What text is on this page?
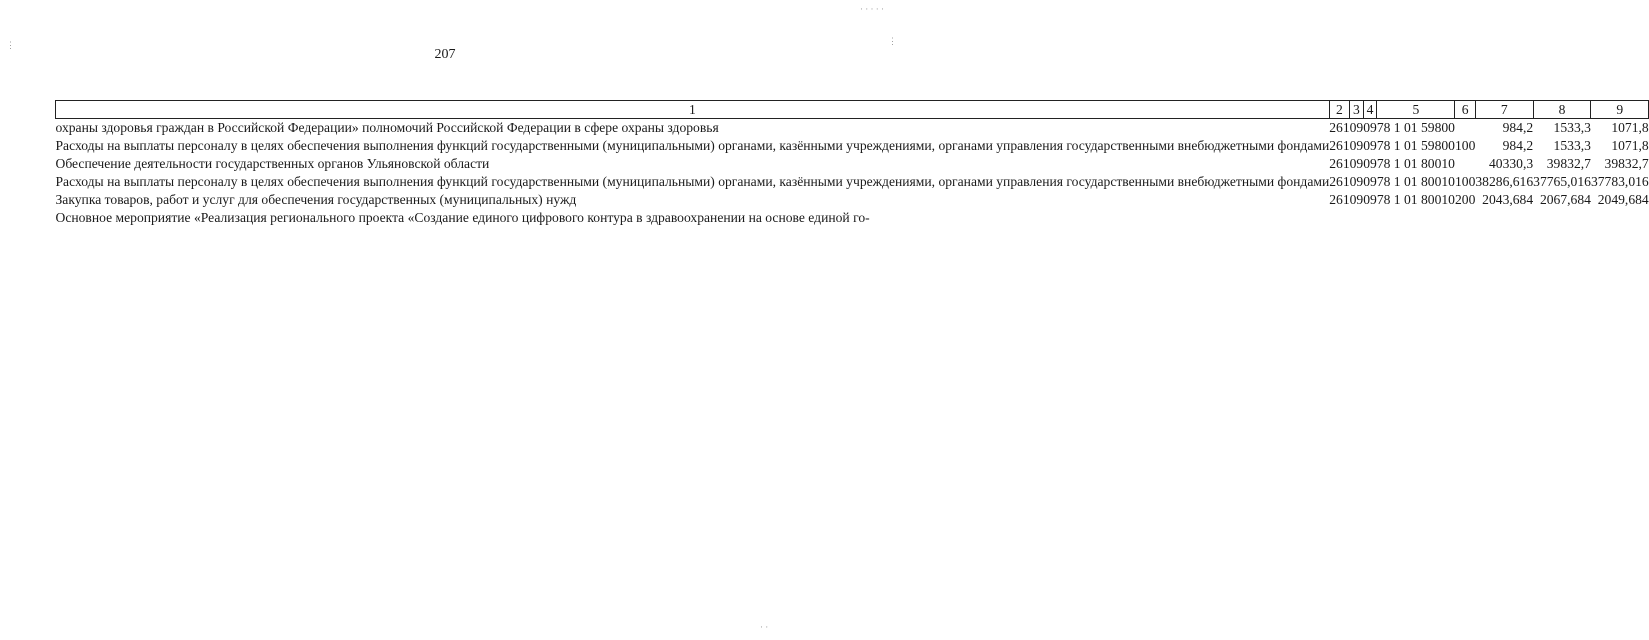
207
· · · · ·
⋮	⋮
· ·
1	2	3	4	5	6	7	8	9
охраны здоровья граждан в Российской Федерации» полномочий Российской Федерации в сфере охраны здоровья	261	09	09	78 1 01 59800		984,2	1533,3	1071,8
Расходы на выплаты персоналу в целях обеспечения выполнения функций государственными (муниципальными) органами, казёнными учреждениями, органами управления государственными внебюджетными фондами	261	09	09	78 1 01 59800	100	984,2	1533,3	1071,8
Обеспечение деятельности государственных органов Ульяновской области	261	09	09	78 1 01 80010		40330,3	39832,7	39832,7
Расходы на выплаты персоналу в целях обеспечения выполнения функций государственными (муниципальными) органами, казёнными учреждениями, органами управления государственными внебюджетными фондами	261	09	09	78 1 01 80010	100	38286,616	37765,016	37783,016
Закупка товаров, работ и услуг для обеспечения государственных (муниципальных) нужд	261	09	09	78 1 01 80010	200	2043,684	2067,684	2049,684
Основное мероприятие «Реализация регионального проекта «Создание единого цифрового контура в здравоохранении на основе единой го-								
